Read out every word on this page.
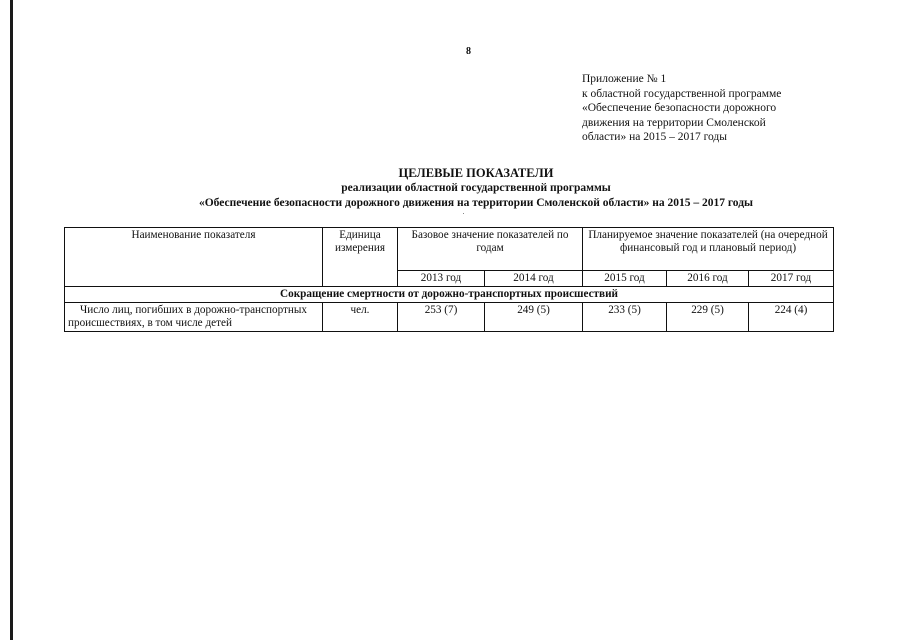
8
Приложение № 1
к областной государственной программе
«Обеспечение безопасности дорожного
движения на территории Смоленской
области» на 2015 – 2017 годы
ЦЕЛЕВЫЕ ПОКАЗАТЕЛИ
реализации областной государственной программы
«Обеспечение безопасности дорожного движения на территории Смоленской области» на 2015 – 2017 годы
Наименование показателя	Единица измерения	Базовое значение показателей по годам		Планируемое значение показателей (на очередной финансовый год и плановый период)		
		2013 год	2014 год	2015 год	2016 год	2017 год
Сокращение смертности от дорожно-транспортных происшествий						
Число лиц, погибших в дорожно-транспортных происшествиях, в том числе детей	чел.	253 (7)	249 (5)	233 (5)	229 (5)	224 (4)
